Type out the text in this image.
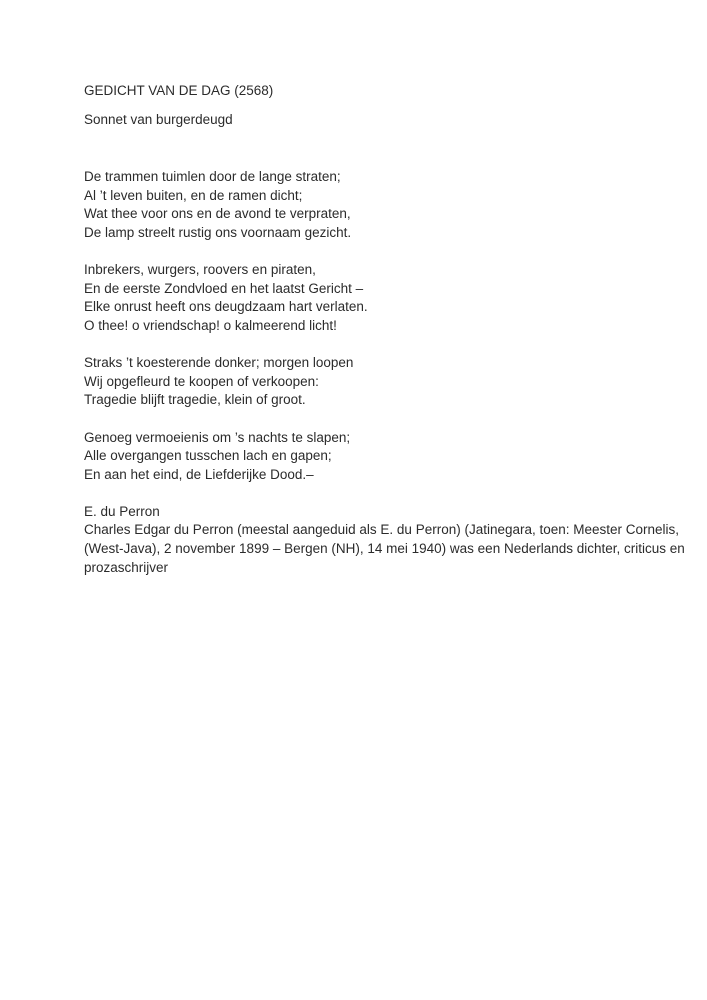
GEDICHT VAN DE DAG (2568)
Sonnet van burgerdeugd
De trammen tuimlen door de lange straten;
Al ’t leven buiten, en de ramen dicht;
Wat thee voor ons en de avond te verpraten,
De lamp streelt rustig ons voornaam gezicht.
Inbrekers, wurgers, roovers en piraten,
En de eerste Zondvloed en het laatst Gericht –
Elke onrust heeft ons deugdzaam hart verlaten.
O thee! o vriendschap! o kalmeerend licht!
Straks ’t koesterende donker; morgen loopen
Wij opgefleurd te koopen of verkoopen:
Tragedie blijft tragedie, klein of groot.
Genoeg vermoeienis om ’s nachts te slapen;
Alle overgangen tusschen lach en gapen;
En aan het eind, de Liefderijke Dood.–
E. du Perron
Charles Edgar du Perron (meestal aangeduid als E. du Perron) (Jatinegara, toen: Meester Cornelis,
(West-Java), 2 november 1899 – Bergen (NH), 14 mei 1940) was een Nederlands dichter, criticus en
prozaschrijver
